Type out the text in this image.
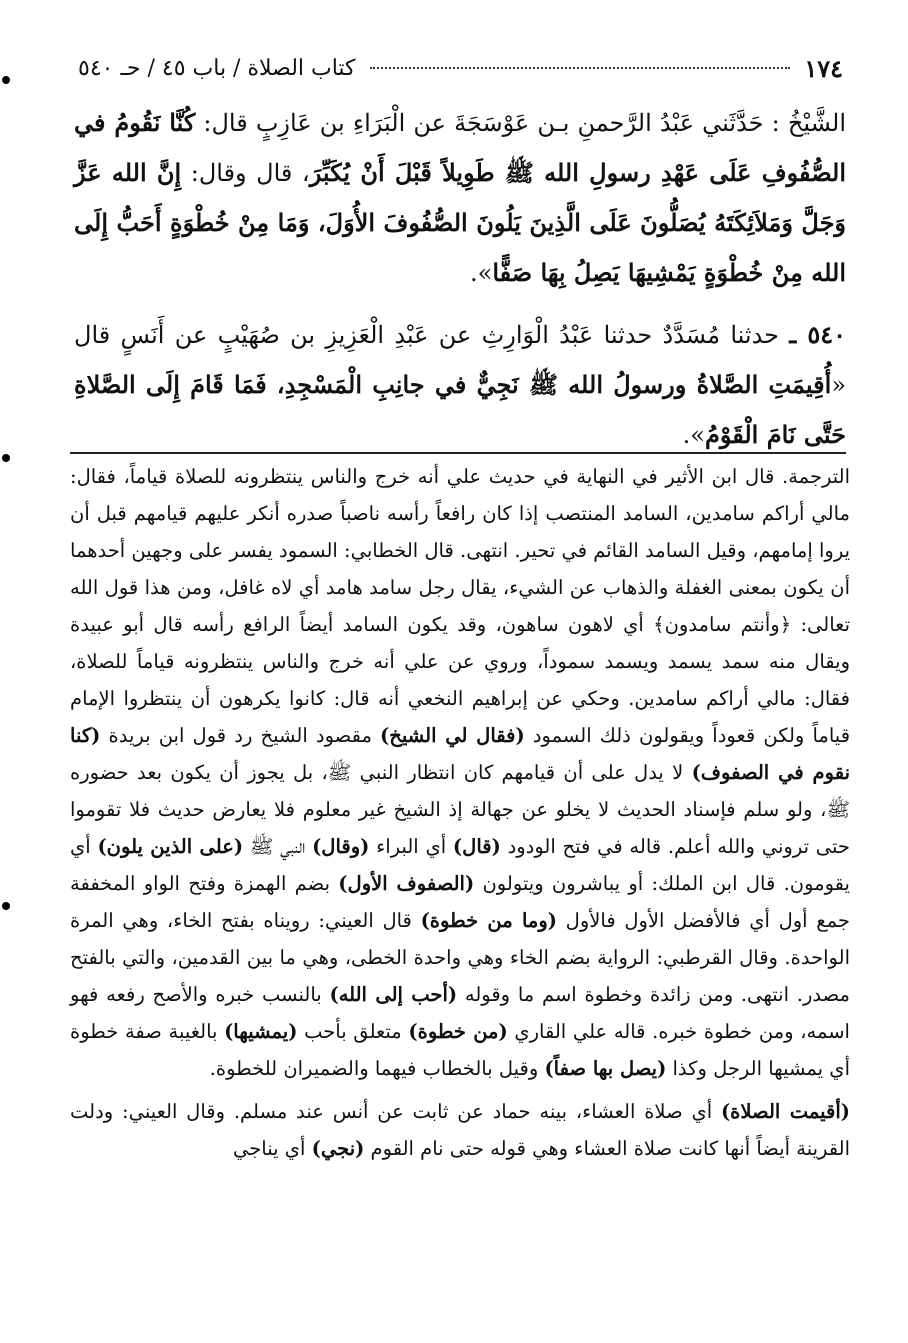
١٧٤
كتاب الصلاة / باب ٤٥ / حـ ٥٤٠

الشَّيْخُ : حَدَّثَني عَبْدُ الرَّحمنِ بـن عَوْسَجَةَ عن الْبَرَاءِ بن عَازِبٍ قال: كُنَّا نَقُومُ في الصُّفُوفِ عَلَى عَهْدِ رسولِ الله ﷺ طَوِيلاً قَبْلَ أَنْ يُكَبِّرَ، قال وقال: إِنَّ الله عَزَّ وَجَلَّ وَمَلاَئِكَتَهُ يُصَلُّونَ عَلَى الَّذِينَ يَلُونَ الصُّفُوفَ الأُوَلَ، وَمَا مِنْ خُطْوَةٍ أَحَبُّ إِلَى الله مِنْ خُطْوَةٍ يَمْشِيهَا يَصِلُ بِهَا صَفًّا».

٥٤٠ ـ حدثنا مُسَدَّدٌ حدثنا عَبْدُ الْوَارِثِ عن عَبْدِ الْعَزِيزِ بن صُهَيْبٍ عن أَنَسٍ قال «أُقِيمَتِ الصَّلاةُ ورسولُ الله ﷺ نَجِيٌّ في جانِبِ الْمَسْجِدِ، فَمَا قَامَ إِلَى الصَّلاةِ حَتَّى نَامَ الْقَوْمُ».

الترجمة. قال ابن الأثير في النهاية في حديث علي أنه خرج والناس ينتظرونه للصلاة قياماً، فقال: مالي أراكم سامدين، السامد المنتصب إذا كان رافعاً رأسه ناصباً صدره أنكر عليهم قيامهم قبل أن يروا إمامهم، وقيل السامد القائم في تحير. انتهى. قال الخطابي: السمود يفسر على وجهين أحدهما أن يكون بمعنى الغفلة والذهاب عن الشيء، يقال رجل سامد هامد أي لاه غافل، ومن هذا قول الله تعالى: ﴿وأنتم سامدون﴾ أي لاهون ساهون، وقد يكون السامد أيضاً الرافع رأسه قال أبو عبيدة ويقال منه سمد يسمد ويسمد سموداً، وروي عن علي أنه خرج والناس ينتظرونه قياماً للصلاة، فقال: مالي أراكم سامدين. وحكي عن إبراهيم النخعي أنه قال: كانوا يكرهون أن ينتظروا الإمام قياماً ولكن قعوداً ويقولون ذلك السمود (فقال لي الشيخ) مقصود الشيخ رد قول ابن بريدة (كنا نقوم في الصفوف) لا يدل على أن قيامهم كان انتظار النبي ﷺ، بل يجوز أن يكون بعد حضوره ﷺ، ولو سلم فإسناد الحديث لا يخلو عن جهالة إذ الشيخ غير معلوم فلا يعارض حديث فلا تقوموا حتى تروني والله أعلم. قاله في فتح الودود (قال) أي البراء (وقال) النبي ﷺ (على الذين يلون) أي يقومون. قال ابن الملك: أو يباشرون ويتولون (الصفوف الأول) بضم الهمزة وفتح الواو المخففة جمع أول أي فالأفضل الأول فالأول (وما من خطوة) قال العيني: رويناه بفتح الخاء، وهي المرة الواحدة. وقال القرطبي: الرواية بضم الخاء وهي واحدة الخطى، وهي ما بين القدمين، والتي بالفتح مصدر. انتهى. ومن زائدة وخطوة اسم ما وقوله (أحب إلى الله) بالنسب خبره والأصح رفعه فهو اسمه، ومن خطوة خبره. قاله علي القاري (من خطوة) متعلق بأحب (يمشيها) بالغيبة صفة خطوة أي يمشيها الرجل وكذا (يصل بها صفاً) وقيل بالخطاب فيهما والضميران للخطوة.

(أقيمت الصلاة) أي صلاة العشاء، بينه حماد عن ثابت عن أنس عند مسلم. وقال العيني: ودلت القرينة أيضاً أنها كانت صلاة العشاء وهي قوله حتى نام القوم (نجي) أي يناجي
